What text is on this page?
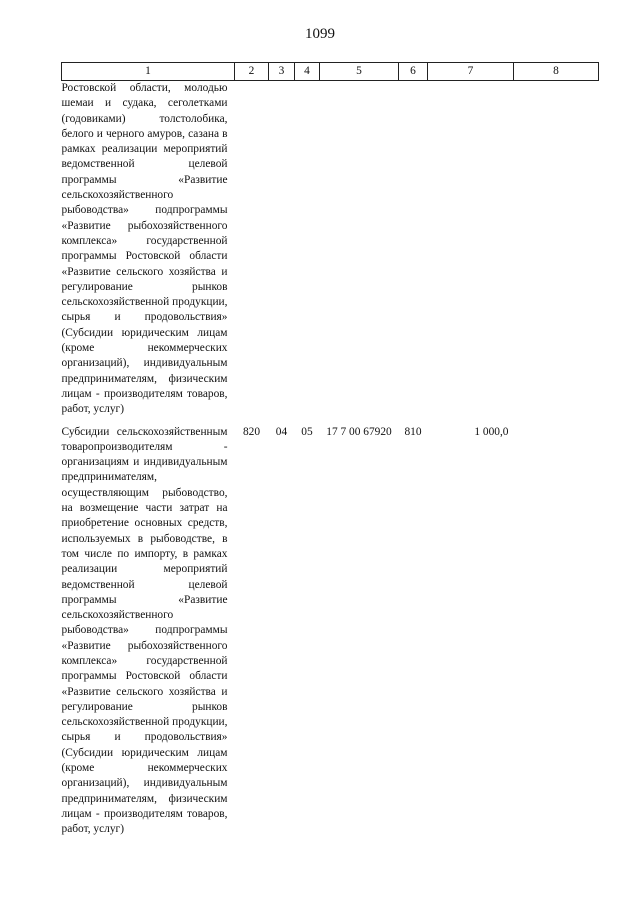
1099
1	2	3	4	5	6	7	8
Ростовской области, молодью шемаи и судака, сеголетками (годовиками) толстолобика, белого и черного амуров, сазана в рамках реализации мероприятий ведомственной целевой программы «Развитие сельскохозяйственного рыбоводства» подпрограммы «Развитие рыбохозяйственного комплекса» государственной программы Ростовской области «Развитие сельского хозяйства и регулирование рынков сельскохозяйственной продукции, сырья и продовольствия» (Субсидии юридическим лицам (кроме некоммерческих организаций), индивидуальным предпринимателям, физическим лицам - производителям товаров, работ, услуг)							

Субсидии сельскохозяйственным товаропроизводителям - организациям и индивидуальным предпринимателям, осуществляющим рыбоводство, на возмещение части затрат на приобретение основных средств, используемых в рыбоводстве, в том числе по импорту, в рамках реализации мероприятий ведомственной целевой программы «Развитие сельскохозяйственного рыбоводства» подпрограммы «Развитие рыбохозяйственного комплекса» государственной программы Ростовской области «Развитие сельского хозяйства и регулирование рынков сельскохозяйственной продукции, сырья и продовольствия» (Субсидии юридическим лицам (кроме некоммерческих организаций), индивидуальным предпринимателям, физическим лицам - производителям товаров, работ, услуг)	820	04	05	17 7 00 67920	810	1 000,0	
